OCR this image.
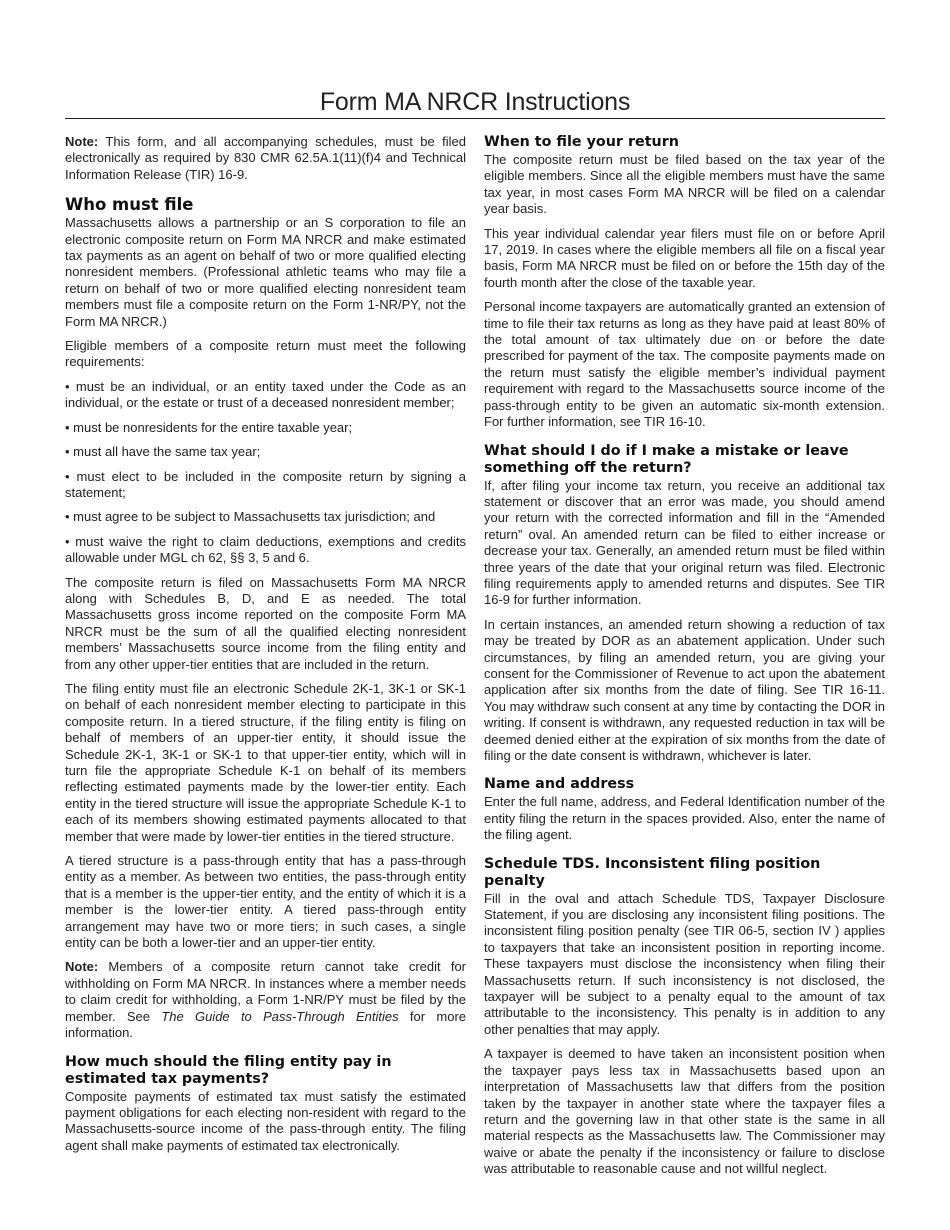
Form MA NRCR Instructions

Note: This form, and all accompanying schedules, must be filed electronically as required by 830 CMR 62.5A.1(11)(f)4 and Technical Information Release (TIR) 16-9.

Who must file

Massachusetts allows a partnership or an S corporation to file an electronic composite return on Form MA NRCR and make estimated tax payments as an agent on behalf of two or more qualified electing nonresident members. (Professional athletic teams who may file a return on behalf of two or more qualified electing nonresident team members must file a composite return on the Form 1-NR/PY, not the Form MA NRCR.)

Eligible members of a composite return must meet the following requirements:

• must be an individual, or an entity taxed under the Code as an individual, or the estate or trust of a deceased nonresident member;

• must be nonresidents for the entire taxable year;

• must all have the same tax year;

• must elect to be included in the composite return by signing a statement;

• must agree to be subject to Massachusetts tax jurisdiction; and

• must waive the right to claim deductions, exemptions and credits allowable under MGL ch 62, §§ 3, 5 and 6.

The composite return is filed on Massachusetts Form MA NRCR along with Schedules B, D, and E as needed. The total Massachusetts gross income reported on the composite Form MA NRCR must be the sum of all the qualified electing nonresident members’ Massachusetts source income from the filing entity and from any other upper-tier entities that are included in the return.

The filing entity must file an electronic Schedule 2K-1, 3K-1 or SK-1 on behalf of each nonresident member electing to participate in this composite return. In a tiered structure, if the filing entity is filing on behalf of members of an upper-tier entity, it should issue the Schedule 2K-1, 3K-1 or SK-1 to that upper-tier entity, which will in turn file the appropriate Schedule K-1 on behalf of its members reflecting estimated payments made by the lower-tier entity. Each entity in the tiered structure will issue the appropriate Schedule K-1 to each of its members showing estimated payments allocated to that member that were made by lower-tier entities in the tiered structure.

A tiered structure is a pass-through entity that has a pass-through entity as a member. As between two entities, the pass-through entity that is a member is the upper-tier entity, and the entity of which it is a member is the lower-tier entity. A tiered pass-through entity arrangement may have two or more tiers; in such cases, a single entity can be both a lower-tier and an upper-tier entity.

Note: Members of a composite return cannot take credit for withholding on Form MA NRCR. In instances where a member needs to claim credit for withholding, a Form 1-NR/PY must be filed by the member. See The Guide to Pass-Through Entities for more information.

How much should the filing entity pay in estimated tax payments?

Composite payments of estimated tax must satisfy the estimated payment obligations for each electing non-resident with regard to the Massachusetts-source income of the pass-through entity. The filing agent shall make payments of estimated tax electronically.

When to file your return

The composite return must be filed based on the tax year of the eligible members. Since all the eligible members must have the same tax year, in most cases Form MA NRCR will be filed on a calendar year basis.

This year individual calendar year filers must file on or before April 17, 2019. In cases where the eligible members all file on a fiscal year basis, Form MA NRCR must be filed on or before the 15th day of the fourth month after the close of the taxable year.

Personal income taxpayers are automatically granted an extension of time to file their tax returns as long as they have paid at least 80% of the total amount of tax ultimately due on or before the date prescribed for payment of the tax. The composite payments made on the return must satisfy the eligible member’s individual payment requirement with regard to the Massachusetts source income of the pass-through entity to be given an automatic six-month extension. For further information, see TIR 16-10.

What should I do if I make a mistake or leave something off the return?

If, after filing your income tax return, you receive an additional tax statement or discover that an error was made, you should amend your return with the corrected information and fill in the “Amended return” oval. An amended return can be filed to either increase or decrease your tax. Generally, an amended return must be filed within three years of the date that your original return was filed. Electronic filing requirements apply to amended returns and disputes. See TIR 16-9 for further information.

In certain instances, an amended return showing a reduction of tax may be treated by DOR as an abatement application. Under such circumstances, by filing an amended return, you are giving your consent for the Commissioner of Revenue to act upon the abatement application after six months from the date of filing. See TIR 16-11. You may withdraw such consent at any time by contacting the DOR in writing. If consent is withdrawn, any requested reduction in tax will be deemed denied either at the expiration of six months from the date of filing or the date consent is withdrawn, whichever is later.

Name and address

Enter the full name, address, and Federal Identification number of the entity filing the return in the spaces provided. Also, enter the name of the filing agent.

Schedule TDS. Inconsistent filing position penalty

Fill in the oval and attach Schedule TDS, Taxpayer Disclosure Statement, if you are disclosing any inconsistent filing positions. The inconsistent filing position penalty (see TIR 06-5, section IV ) applies to taxpayers that take an inconsistent position in reporting income. These taxpayers must disclose the inconsistency when filing their Massachusetts return. If such inconsistency is not disclosed, the taxpayer will be subject to a penalty equal to the amount of tax attributable to the inconsistency. This penalty is in addition to any other penalties that may apply.

A taxpayer is deemed to have taken an inconsistent position when the taxpayer pays less tax in Massachusetts based upon an interpretation of Massachusetts law that differs from the position taken by the taxpayer in another state where the taxpayer files a return and the governing law in that other state is the same in all material respects as the Massachusetts law. The Commissioner may waive or abate the penalty if the inconsistency or failure to disclose was attributable to reasonable cause and not willful neglect.
